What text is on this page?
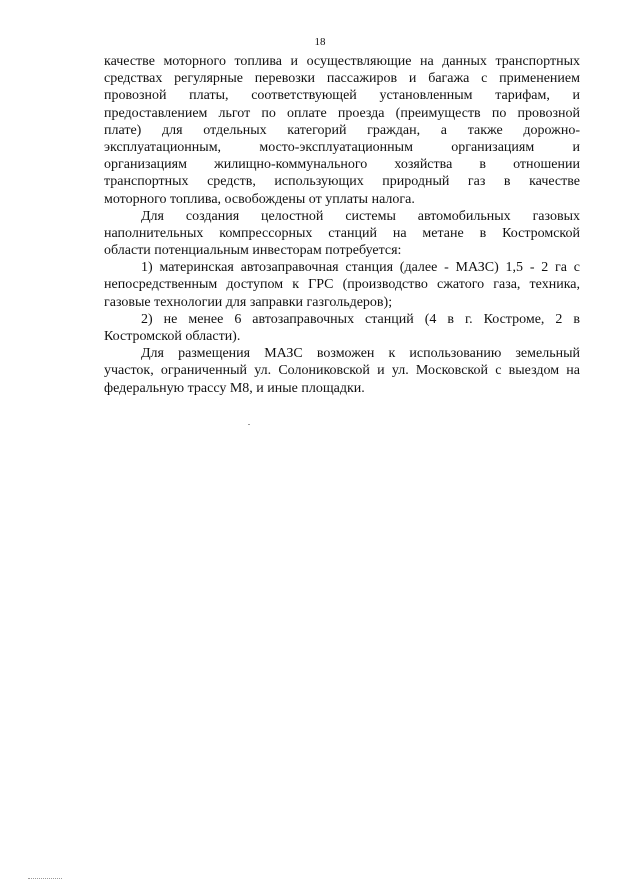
18
качестве моторного топлива и осуществляющие на данных транспортных
средствах регулярные перевозки пассажиров и багажа с применением
провозной платы, соответствующей установленным тарифам, и
предоставлением льгот по оплате проезда (преимуществ по провозной
плате) для отдельных категорий граждан, а также дорожно-
эксплуатационным, мосто-эксплуатационным организациям и
организациям жилищно-коммунального хозяйства в отношении
транспортных средств, использующих природный газ в качестве
моторного топлива, освобождены от уплаты налога.
Для создания целостной системы автомобильных газовых
наполнительных компрессорных станций на метане в Костромской
области потенциальным инвесторам потребуется:
1) материнская автозаправочная станция (далее - МАЗС) 1,5 - 2 га с
непосредственным доступом к ГРС (производство сжатого газа, техника,
газовые технологии для заправки газгольдеров);
2) не менее 6 автозаправочных станций (4 в г. Костроме, 2 в
Костромской области).
Для размещения МАЗС возможен к использованию земельный
участок, ограниченный ул. Солониковской и ул. Московской с выездом на
федеральную трассу М8, и иные площадки.
